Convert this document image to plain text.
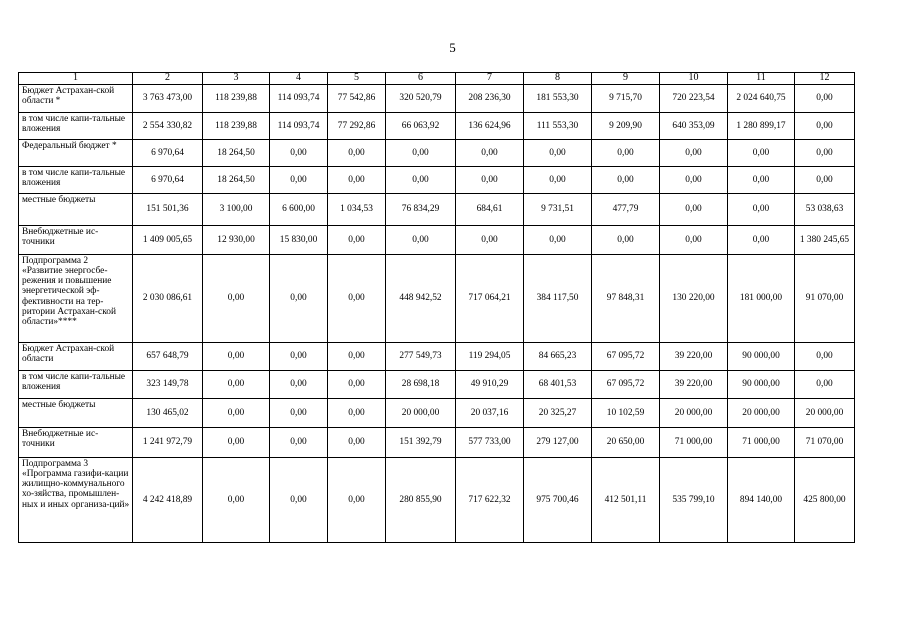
5
1	2	3	4	5	6	7	8	9	10	11	12
Бюджет Астрахан-ской области *	3 763 473,00	118 239,88	114 093,74	77 542,86	320 520,79	208 236,30	181 553,30	9 715,70	720 223,54	2 024 640,75	0,00
в том числе капи-тальные вложения	2 554 330,82	118 239,88	114 093,74	77 292,86	66 063,92	136 624,96	111 553,30	9 209,90	640 353,09	1 280 899,17	0,00
Федеральный бюджет *	6 970,64	18 264,50	0,00	0,00	0,00	0,00	0,00	0,00	0,00	0,00	0,00
в том числе капи-тальные вложения	6 970,64	18 264,50	0,00	0,00	0,00	0,00	0,00	0,00	0,00	0,00	0,00
местные бюджеты	151 501,36	3 100,00	6 600,00	1 034,53	76 834,29	684,61	9 731,51	477,79	0,00	0,00	53 038,63
Внебюджетные ис-точники	1 409 005,65	12 930,00	15 830,00	0,00	0,00	0,00	0,00	0,00	0,00	0,00	1 380 245,65
Подпрограмма 2 «Развитие энергосбе-режения и повышение энергетической эф-фективности на тер-ритории Астрахан-ской области»****	2 030 086,61	0,00	0,00	0,00	448 942,52	717 064,21	384 117,50	97 848,31	130 220,00	181 000,00	91 070,00
Бюджет Астрахан-ской области	657 648,79	0,00	0,00	0,00	277 549,73	119 294,05	84 665,23	67 095,72	39 220,00	90 000,00	0,00
в том числе капи-тальные вложения	323 149,78	0,00	0,00	0,00	28 698,18	49 910,29	68 401,53	67 095,72	39 220,00	90 000,00	0,00
местные бюджеты	130 465,02	0,00	0,00	0,00	20 000,00	20 037,16	20 325,27	10 102,59	20 000,00	20 000,00	20 000,00
Внебюджетные ис-точники	1 241 972,79	0,00	0,00	0,00	151 392,79	577 733,00	279 127,00	20 650,00	71 000,00	71 000,00	71 070,00
Подпрограмма 3 «Программа газифи-кации жилищно-коммунального хо-зяйства, промышлен-ных и иных организа-ций»	4 242 418,89	0,00	0,00	0,00	280 855,90	717 622,32	975 700,46	412 501,11	535 799,10	894 140,00	425 800,00
